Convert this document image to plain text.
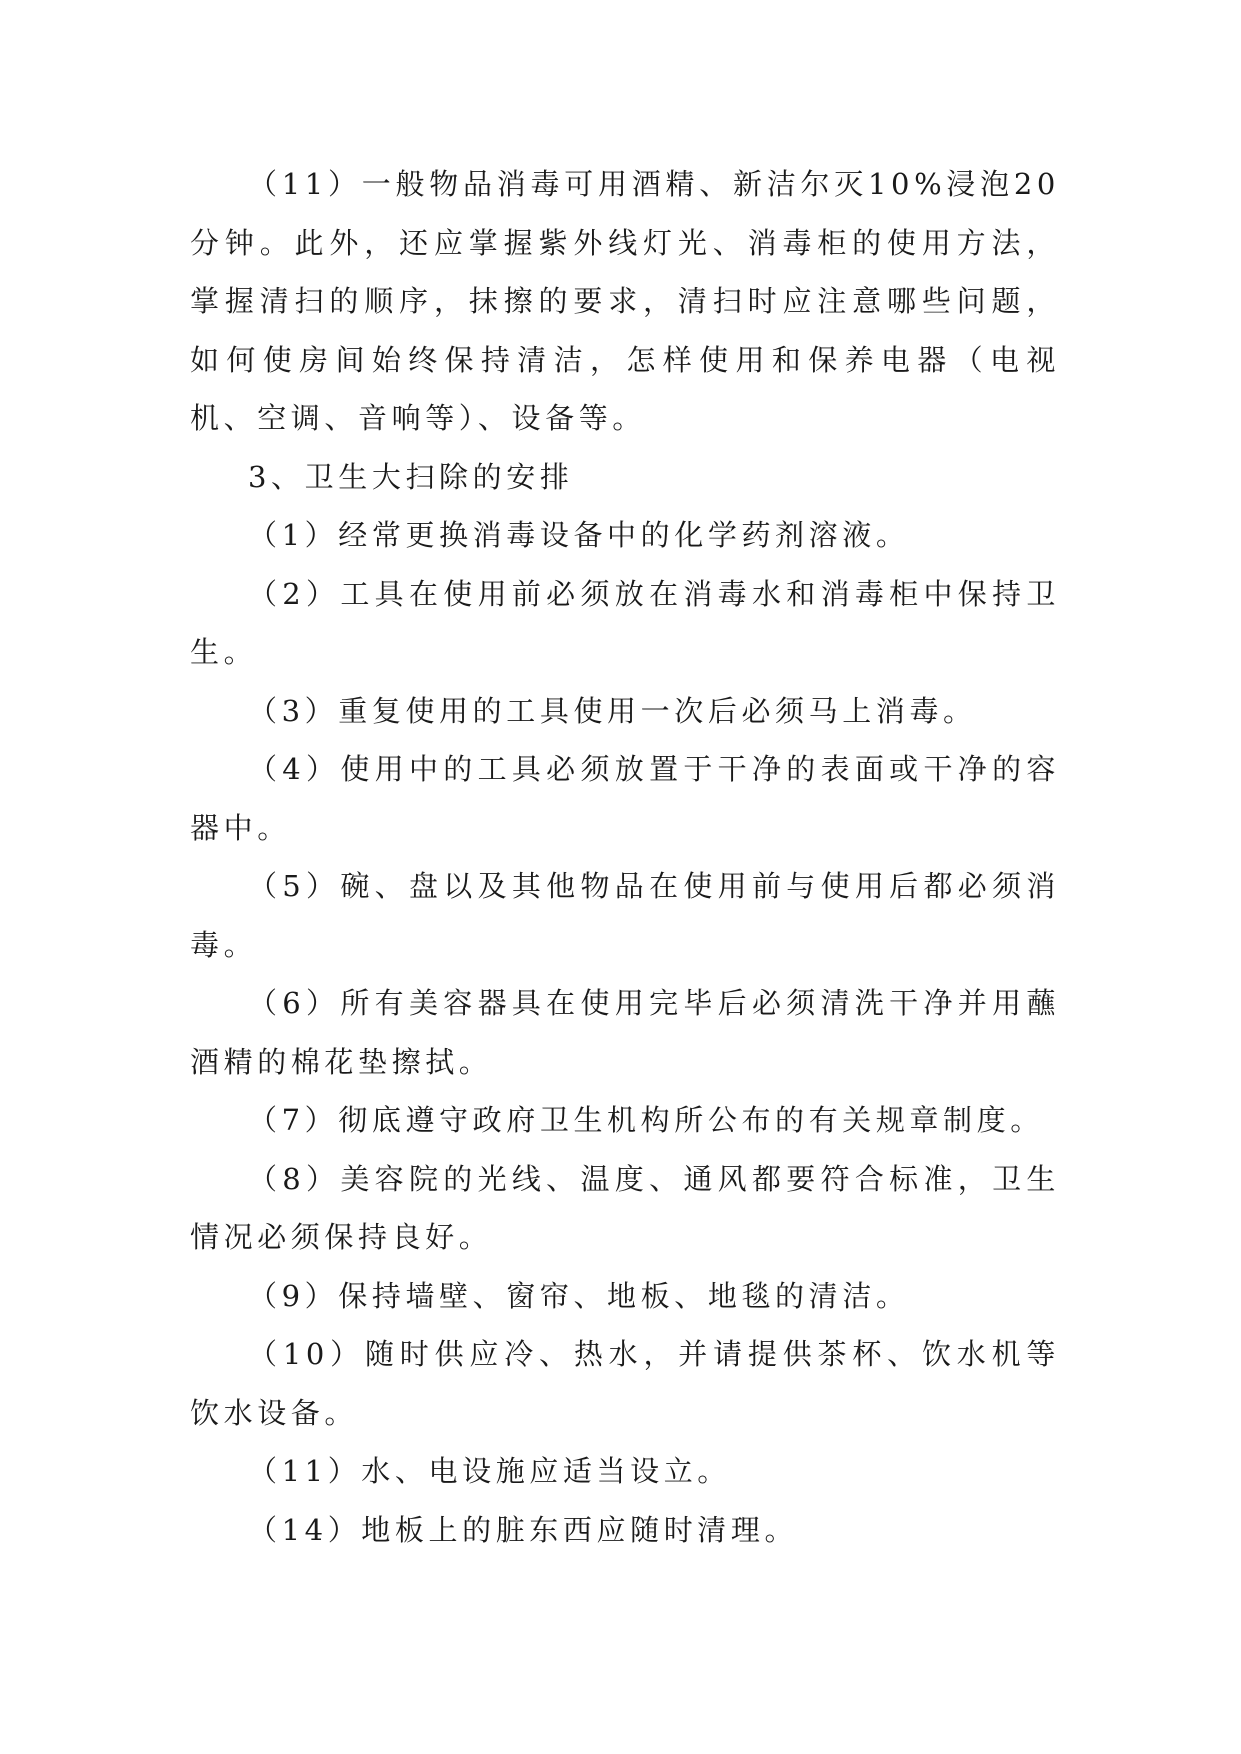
（11）一般物品消毒可用酒精、新洁尔灭10%浸泡20分钟。此外，还应掌握紫外线灯光、消毒柜的使用方法，掌握清扫的顺序，抹擦的要求，清扫时应注意哪些问题，如何使房间始终保持清洁，怎样使用和保养电器（电视机、空调、音响等）、设备等。

3、卫生大扫除的安排

（1）经常更换消毒设备中的化学药剂溶液。

（2）工具在使用前必须放在消毒水和消毒柜中保持卫生。

（3）重复使用的工具使用一次后必须马上消毒。

（4）使用中的工具必须放置于干净的表面或干净的容器中。

（5）碗、盘以及其他物品在使用前与使用后都必须消毒。

（6）所有美容器具在使用完毕后必须清洗干净并用蘸酒精的棉花垫擦拭。

（7）彻底遵守政府卫生机构所公布的有关规章制度。

（8）美容院的光线、温度、通风都要符合标准，卫生情况必须保持良好。

（9）保持墙壁、窗帘、地板、地毯的清洁。

（10）随时供应冷、热水，并请提供茶杯、饮水机等饮水设备。

（11）水、电设施应适当设立。

（14）地板上的脏东西应随时清理。
